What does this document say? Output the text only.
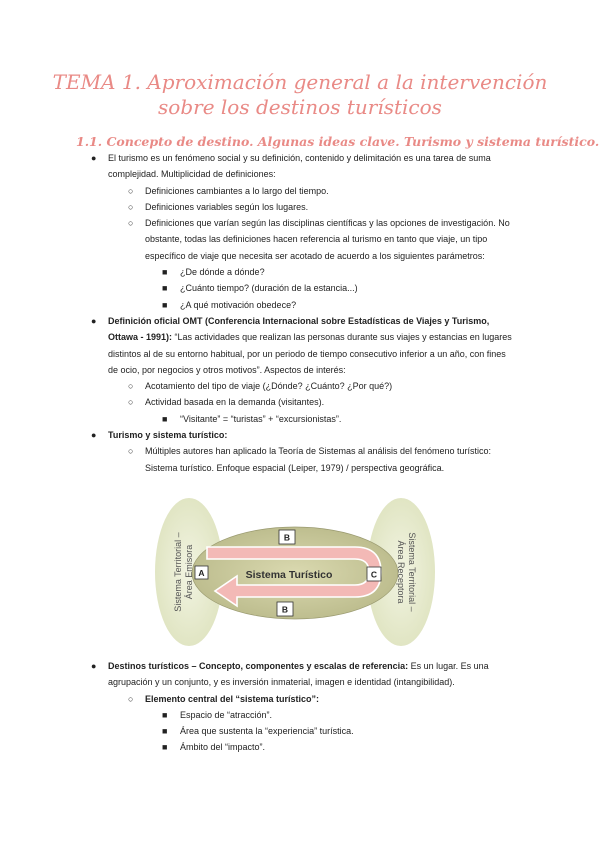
TEMA 1. Aproximación general a la intervención sobre los destinos turísticos
1.1. Concepto de destino. Algunas ideas clave. Turismo y sistema turístico.
● El turismo es un fenómeno social y su definición, contenido y delimitación es una tarea de suma complejidad. Multiplicidad de definiciones:
○ Definiciones cambiantes a lo largo del tiempo.
○ Definiciones variables según los lugares.
○ Definiciones que varían según las disciplinas científicas y las opciones de investigación. No obstante, todas las definiciones hacen referencia al turismo en tanto que viaje, un tipo específico de viaje que necesita ser acotado de acuerdo a los siguientes parámetros:
■ ¿De dónde a dónde?
■ ¿Cuánto tiempo? (duración de la estancia...)
■ ¿A qué motivación obedece?
● Definición oficial OMT (Conferencia Internacional sobre Estadísticas de Viajes y Turismo, Ottawa - 1991): “Las actividades que realizan las personas durante sus viajes y estancias en lugares distintos al de su entorno habitual, por un periodo de tiempo consecutivo inferior a un año, con fines de ocio, por negocios y otros motivos”. Aspectos de interés:
○ Acotamiento del tipo de viaje (¿Dónde? ¿Cuánto? ¿Por qué?)
○ Actividad basada en la demanda (visitantes).
■ “Visitante” = “turistas” + “excursionistas”.
● Turismo y sistema turístico:
○ Múltiples autores han aplicado la Teoría de Sistemas al análisis del fenómeno turístico: Sistema turístico. Enfoque espacial (Leiper, 1979) / perspectiva geográfica.
Sistema Turístico
A
B
B
C
Sistema Territorial – Área Emisora	Sistema Territorial –
Área Receptora
● Destinos turísticos – Concepto, componentes y escalas de referencia: Es un lugar. Es una agrupación y un conjunto, y es inversión inmaterial, imagen e identidad (intangibilidad).
○ Elemento central del “sistema turístico”:
■ Espacio de “atracción”.
■ Área que sustenta la “experiencia” turística.
■ Ámbito del “impacto”.
